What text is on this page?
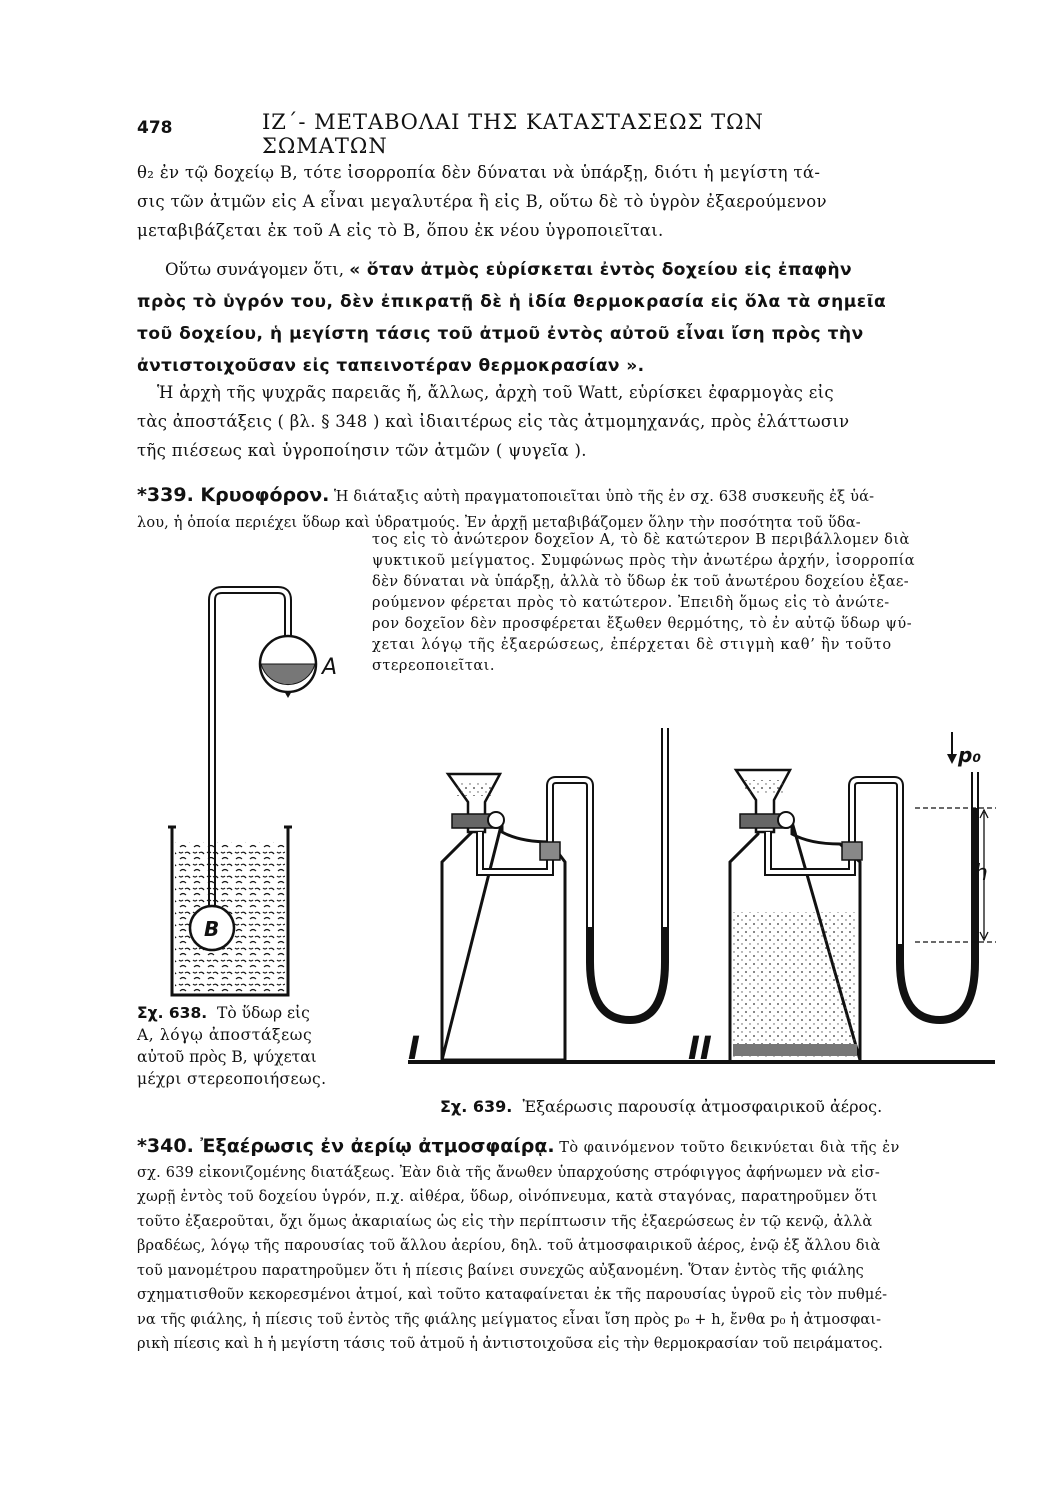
478	ΙΖ΄- ΜΕΤΑΒΟΛΑΙ ΤΗΣ ΚΑΤΑΣΤΑΣΕΩΣ ΤΩΝ ΣΩΜΑΤΩΝ

θ₂ ἐν τῷ δοχείῳ Β, τότε ἰσορροπία δὲν δύναται νὰ ὑπάρξῃ, διότι ἡ μεγίστη τά-
σις τῶν ἀτμῶν εἰς Α εἶναι μεγαλυτέρα ἢ εἰς Β, οὕτω δὲ τὸ ὑγρὸν ἐξαερούμενον
μεταβιβάζεται ἐκ τοῦ Α εἰς τὸ Β, ὅπου ἐκ νέου ὑγροποιεῖται.

Οὕτω συνάγομεν ὅτι, « ὅταν ἀτμὸς εὑρίσκεται ἐντὸς δοχείου εἰς ἐπαφὴν
πρὸς τὸ ὑγρόν του, δὲν ἐπικρατῇ δὲ ἡ ἰδία θερμοκρασία εἰς ὅλα τὰ σημεῖα
τοῦ δοχείου, ἡ μεγίστη τάσις τοῦ ἀτμοῦ ἐντὸς αὐτοῦ εἶναι ἴση πρὸς τὴν
ἀντιστοιχοῦσαν εἰς ταπεινοτέραν θερμοκρασίαν ».

Ἡ ἀρχὴ τῆς ψυχρᾶς παρειᾶς ἤ, ἄλλως, ἀρχὴ τοῦ Watt, εὑρίσκει ἐφαρμογὰς εἰς
τὰς ἀποστάξεις ( βλ. § 348 ) καὶ ἰδιαιτέρως εἰς τὰς ἀτμομηχανάς, πρὸς ἐλάττωσιν
τῆς πιέσεως καὶ ὑγροποίησιν τῶν ἀτμῶν ( ψυγεῖα ).

*339. Κρυοφόρον. Ἡ διάταξις αὐτὴ πραγματοποιεῖται ὑπὸ τῆς ἐν σχ. 638 συσκευῆς ἐξ ὑά-
λου, ἡ ὁποία περιέχει ὕδωρ καὶ ὑδρατμούς. Ἐν ἀρχῇ μεταβιβάζομεν ὅλην τὴν ποσότητα τοῦ ὕδα-

τος εἰς τὸ ἀνώτερον δοχεῖον Α, τὸ δὲ κατώτερον Β περιβάλλομεν διὰ
ψυκτικοῦ μείγματος. Συμφώνως πρὸς τὴν ἀνωτέρω ἀρχήν, ἰσορροπία
δὲν δύναται νὰ ὑπάρξῃ, ἀλλὰ τὸ ὕδωρ ἐκ τοῦ ἀνωτέρου δοχείου ἐξαε-
ρούμενον φέρεται πρὸς τὸ κατώτερον. Ἐπειδὴ ὅμως εἰς τὸ ἀνώτε-
ρον δοχεῖον δὲν προσφέρεται ἔξωθεν θερμότης, τὸ ἐν αὐτῷ ὕδωρ ψύ-
χεται λόγῳ τῆς ἐξαερώσεως, ἐπέρχεται δὲ στιγμὴ καθ’ ἣν τοῦτο
στερεοποιεῖται.

A
B
Σχ. 638. Τὸ ὕδωρ εἰς
Α, λόγῳ ἀποστάξεως
αὐτοῦ πρὸς Β, ψύχεται
μέχρι στερεοποιήσεως.
I	II
h
p₀
Σχ. 639. Ἐξαέρωσις παρουσίᾳ ἀτμοσφαιρικοῦ ἀέρος.

*340. Ἐξαέρωσις ἐν ἀερίῳ ἀτμοσφαίρᾳ. Τὸ φαινόμενον τοῦτο δεικνύεται διὰ τῆς ἐν
σχ. 639 εἰκονιζομένης διατάξεως. Ἐὰν διὰ τῆς ἄνωθεν ὑπαρχούσης στρόφιγγος ἀφήνωμεν νὰ εἰσ-
χωρῇ ἐντὸς τοῦ δοχείου ὑγρόν, π.χ. αἰθέρα, ὕδωρ, οἰνόπνευμα, κατὰ σταγόνας, παρατηροῦμεν ὅτι
τοῦτο ἐξαεροῦται, ὄχι ὅμως ἀκαριαίως ὡς εἰς τὴν περίπτωσιν τῆς ἐξαερώσεως ἐν τῷ κενῷ, ἀλλὰ
βραδέως, λόγῳ τῆς παρουσίας τοῦ ἄλλου ἀερίου, δηλ. τοῦ ἀτμοσφαιρικοῦ ἀέρος, ἐνῷ ἐξ ἄλλου διὰ
τοῦ μανομέτρου παρατηροῦμεν ὅτι ἡ πίεσις βαίνει συνεχῶς αὐξανομένη. Ὅταν ἐντὸς τῆς φιάλης
σχηματισθοῦν κεκορεσμένοι ἀτμοί, καὶ τοῦτο καταφαίνεται ἐκ τῆς παρουσίας ὑγροῦ εἰς τὸν πυθμέ-
να τῆς φιάλης, ἡ πίεσις τοῦ ἐντὸς τῆς φιάλης μείγματος εἶναι ἴση πρὸς p₀ + h, ἔνθα p₀ ἡ ἀτμοσφαι-
ρικὴ πίεσις καὶ h ἡ μεγίστη τάσις τοῦ ἀτμοῦ ἡ ἀντιστοιχοῦσα εἰς τὴν θερμοκρασίαν τοῦ πειράματος.
